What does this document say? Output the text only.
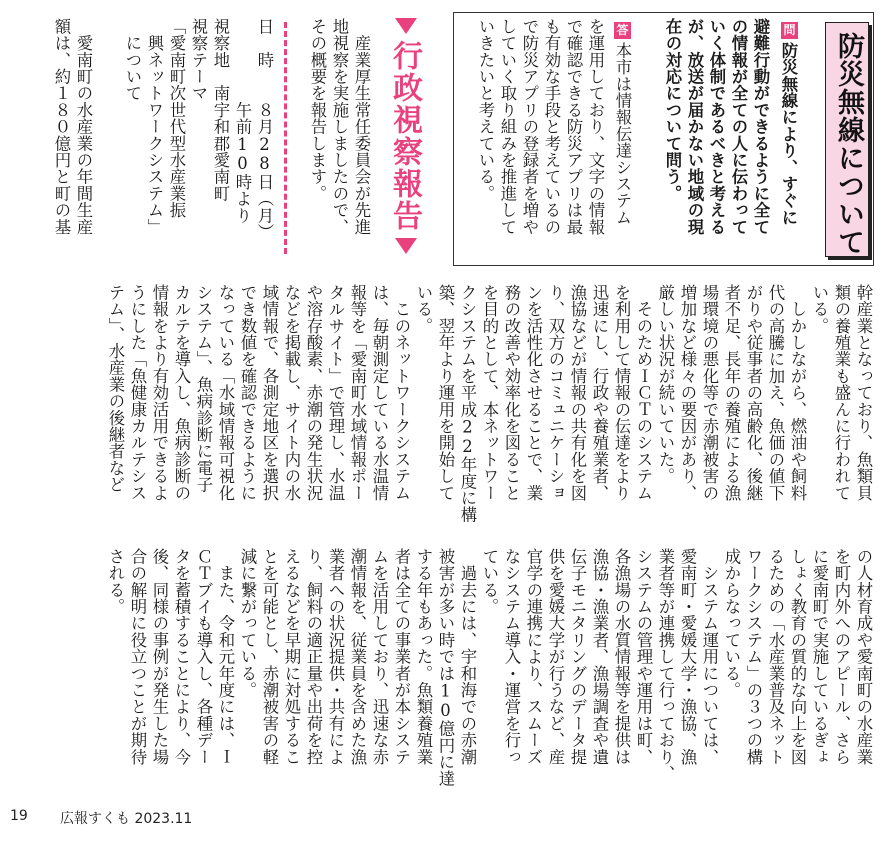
防災無線について
問
防災無線により、すぐに
避難行動ができるように全て
の情報が全ての人に伝わって
いく体制であるべきと考える
が、放送が届かない地域の現
在の対応について問う。
答
本市は情報伝達システム
を運用しており、文字の情報
で確認できる防災アプリは最
も有効な手段と考えているの
で防災アプリの登録者を増や
していく取り組みを推進して
いきたいと考えている。
行政視察報告
　産業厚生常任委員会が先進
地視察を実施しましたので、
その概要を報告します。
日　時　　８月28日（月）
　　　　　午前10時より
視察地　南宇和郡愛南町
視察テーマ
「愛南町次世代型水産業振
　興ネットワークシステム」
　について
　愛南町の水産業の年間生産
額は、約１８０億円と町の基
幹産業となっており、魚類貝
類の養殖業も盛んに行われて
いる。
　しかしながら、燃油や飼料
代の高騰に加え、魚価の値下
がりや従事者の高齢化、後継
者不足、長年の養殖による漁
場環境の悪化等で赤潮被害の
増加など様々の要因があり、
厳しい状況が続いていた。
　そのためＩＣＴのシステム
を利用して情報の伝達をより
迅速にし、行政や養殖業者、
漁協などが情報の共有化を図
り、双方のコミュニケーショ
ンを活性化させることで、業
務の改善や効率化を図ること
を目的として、本ネットワー
クシステムを平成22年度に構
築、翌年より運用を開始して
いる。
　このネットワークシステム
は、毎朝測定している水温情
報等を「愛南町水域情報ポー
タルサイト」で管理し、水温
や溶存酸素、赤潮の発生状況
などを掲載し、サイト内の水
域情報で、各測定地区を選択
でき数値を確認できるように
なっている「水域情報可視化
システム」、魚病診断に電子
カルテを導入し、魚病診断の
情報をより有効活用できるよ
うにした「魚健康カルテシス
テム」、水産業の後継者など
の人材育成や愛南町の水産業
を町内外へのアピール、さら
に愛南町で実施しているぎょ
しょく教育の質的な向上を図
るための「水産業普及ネット
ワークシステム」の３つの構
成からなっている。
　システム運用については、
愛南町・愛媛大学・漁協、漁
業者等が連携して行っており、
システムの管理や運用は町、
各漁場の水質情報等を提供は
漁協・漁業者、漁場調査や遺
伝子モニタリングのデータ提
供を愛媛大学が行うなど、産
官学の連携により、スムーズ
なシステム導入・運営を行っ
ている。
　過去には、宇和海での赤潮
被害が多い時では10億円に達
する年もあった。魚類養殖業
者は全ての事業者が本システ
ムを活用しており、迅速な赤
潮情報を、従業員を含めた漁
業者への状況提供・共有によ
り、飼料の適正量や出荷を控
えるなどを早期に対処するこ
とを可能とし、赤潮被害の軽
減に繋がっている。
　また、令和元年度には、Ｉ
ＣＴブイも導入し、各種デー
タを蓄積することにより、今
後、同様の事例が発生した場
合の解明に役立つことが期待
される。
19 広報すくも 2023.11
